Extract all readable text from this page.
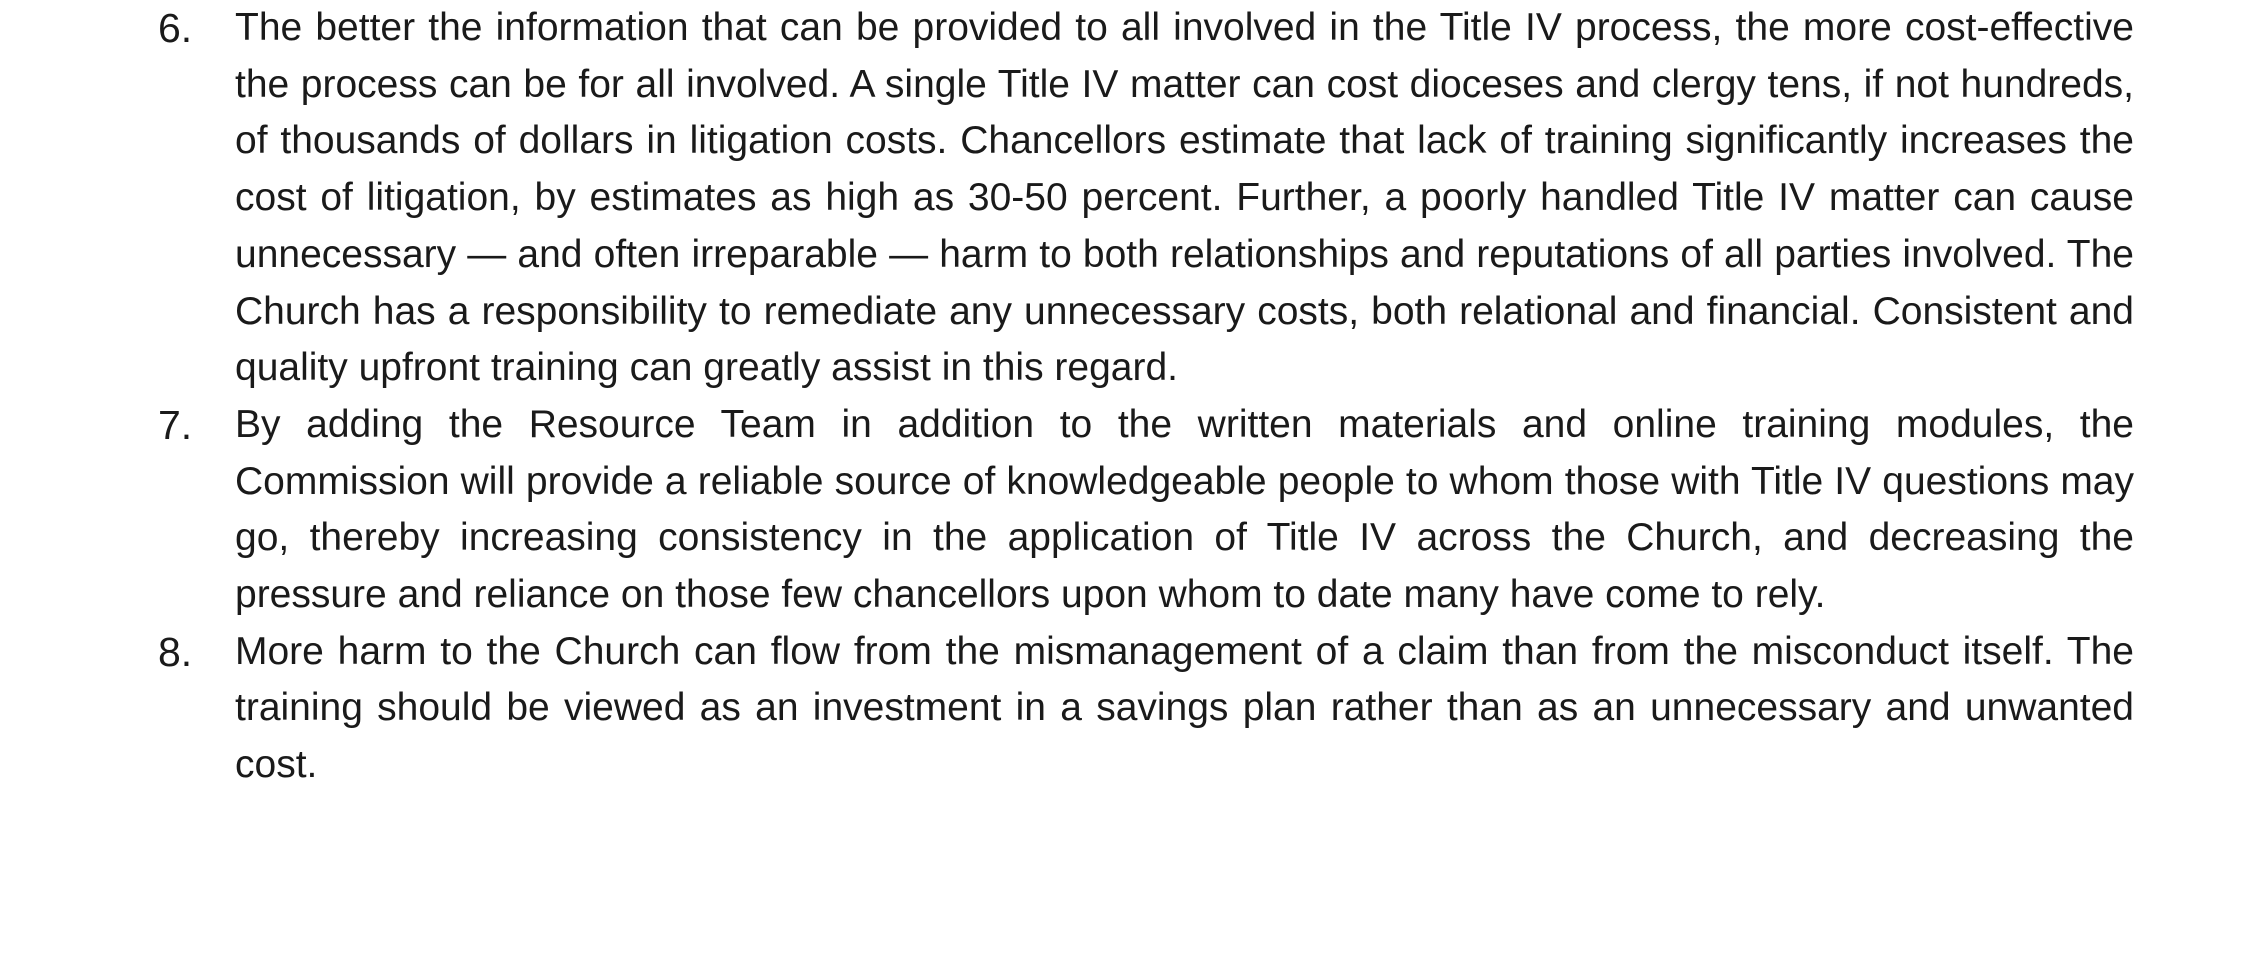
6.	The better the information that can be provided to all involved in the Title IV process, the more cost-effective the process can be for all involved. A single Title IV matter can cost dioceses and clergy tens, if not hundreds, of thousands of dollars in litigation costs. Chancellors estimate that lack of training significantly increases the cost of litigation, by estimates as high as 30-50 percent. Further, a poorly handled Title IV matter can cause unnecessary — and often irreparable — harm to both relationships and reputations of all parties involved. The Church has a responsibility to remediate any unnecessary costs, both relational and financial. Consistent and quality upfront training can greatly assist in this regard.
7.	By adding the Resource Team in addition to the written materials and online training modules, the Commission will provide a reliable source of knowledgeable people to whom those with Title IV questions may go, thereby increasing consistency in the application of Title IV across the Church, and decreasing the pressure and reliance on those few chancellors upon whom to date many have come to rely.
8.	More harm to the Church can flow from the mismanagement of a claim than from the misconduct itself. The training should be viewed as an investment in a savings plan rather than as an unnecessary and unwanted cost.
